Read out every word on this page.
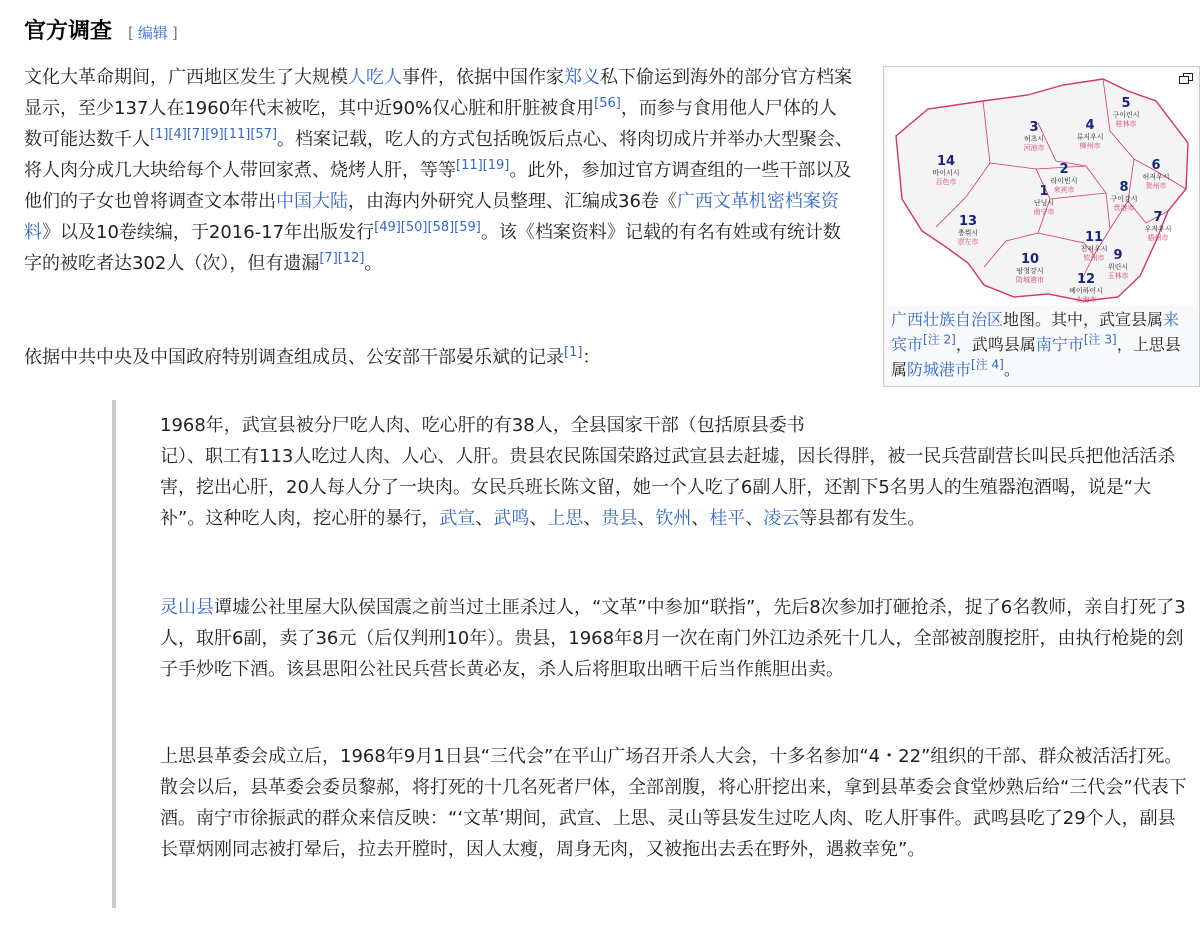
官方调查 [ 编辑 ]

文化大革命期间，广西地区发生了大规模人吃人事件，依据中国作家郑义私下偷运到海外的部分官方档案显示，至少137人在1960年代末被吃，其中近90%仅心脏和肝脏被食用[56]，而参与食用他人尸体的人数可能达数千人[1][4][7][9][11][57]。档案记载，吃人的方式包括晚饭后点心、将肉切成片并举办大型聚会、将人肉分成几大块给每个人带回家煮、烧烤人肝，等等[11][19]。此外，参加过官方调查组的一些干部以及他们的子女也曾将调查文本带出中国大陆，由海内外研究人员整理、汇编成36卷《广西文革机密档案资料》以及10卷续编，于2016-17年出版发行[49][50][58][59]。该《档案资料》记载的有名有姓或有统计数字的被吃者达302人（次），但有遗漏[7][12]。

依据中共中央及中国政府特别调查组成员、公安部干部晏乐斌的记录[1]：

1
난닝시
南宁市
2
라이빈시
来宾市
3
허츠시
河池市
4
류저우시
柳州市
5
구이린시
桂林市
6
허저우시
贺州市
7
우저우시
梧州市
8
구이강시
贵港市
9
위린시
玉林市
10
팡청강시
防城港市
11
친저우시
钦州市
12
베이하이시
北海市
13
충쭤시
崇左市
14
바이서시
百色市
广西壮族自治区地图。其中，武宣县属来宾市[注 2]，武鸣县属南宁市[注 3]，上思县属防城港市[注 4]。

1968年，武宣县被分尸吃人肉、吃心肝的有38人，全县国家干部（包括原县委书

记）、职工有113人吃过人肉、人心、人肝。贵县农民陈国荣路过武宣县去赶墟，因长得胖，被一民兵营副营长叫民兵把他活活杀害，挖出心肝，20人每人分了一块肉。女民兵班长陈文留，她一个人吃了6副人肝，还割下5名男人的生殖器泡酒喝，说是“大补”。这种吃人肉，挖心肝的暴行，武宣、武鸣、上思、贵县、钦州、桂平、凌云等县都有发生。

灵山县谭墟公社里屋大队侯国震之前当过土匪杀过人，“文革”中参加“联指”，先后8次参加打砸抢杀，捉了6名教师，亲自打死了3人，取肝6副，卖了36元（后仅判刑10年）。贵县，1968年8月一次在南门外江边杀死十几人，全部被剖腹挖肝，由执行枪毙的刽子手炒吃下酒。该县思阳公社民兵营长黄必友，杀人后将胆取出晒干后当作熊胆出卖。

上思县革委会成立后，1968年9月1日县“三代会”在平山广场召开杀人大会，十多名参加“4・22”组织的干部、群众被活活打死。散会以后，县革委会委员黎郝，将打死的十几名死者尸体，全部剖腹，将心肝挖出来，拿到县革委会食堂炒熟后给“三代会”代表下酒。南宁市徐振武的群众来信反映：“‘文革’期间，武宣、上思、灵山等县发生过吃人肉、吃人肝事件。武鸣县吃了29个人，副县长覃炳刚同志被打晕后，拉去开膛时，因人太瘦，周身无肉，又被拖出去丢在野外，遇救幸免”。
